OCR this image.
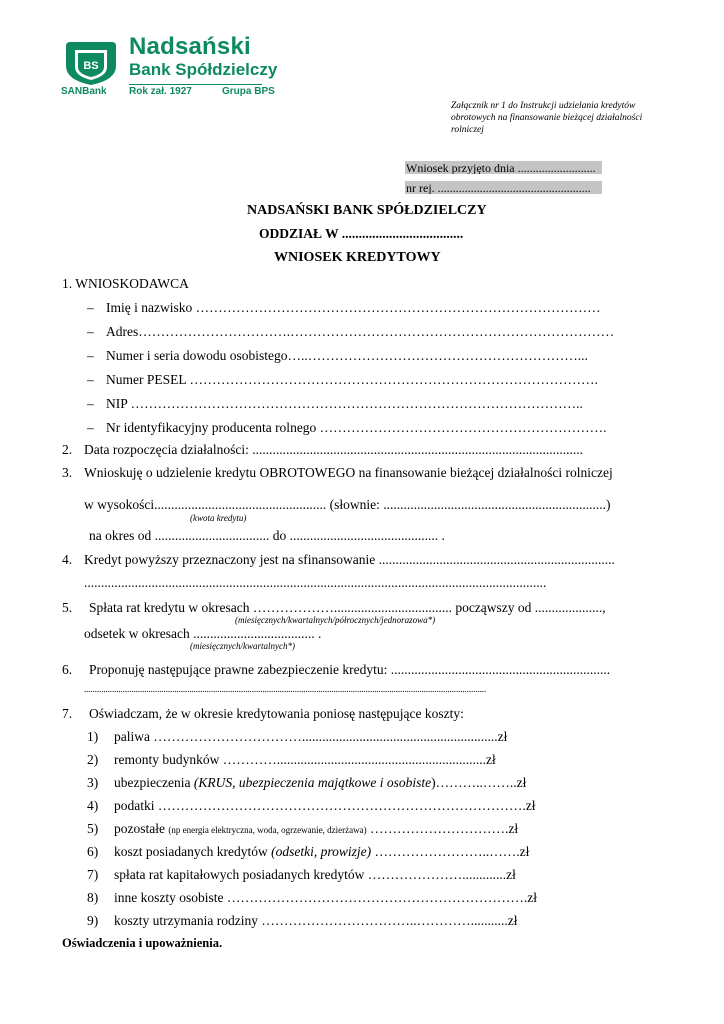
BS
Nadsański
Bank Spółdzielczy
SANBank Rok zał. 1927	Grupa BPS
Załącznik nr 1 do Instrukcji udzielania kredytów obrotowych na finansowanie bieżącej działalności rolniczej
Wniosek przyjęto dnia ..........................
nr rej. ...................................................
NADSAŃSKI BANK SPÓŁDZIELCZY
ODDZIAŁ W ....................................
WNIOSEK KREDYTOWY
1. WNIOSKODAWCA
– Imię i nazwisko ………………………………………………………………………………
– Adres…………………………….………………………………………………………………
– Numer i seria dowodu osobistego…..……………………………………………………...
– Numer PESEL ……………………………………………………………………………….
– NIP ………………………………………………………………………………………..
– Nr identyfikacyjny producenta rolnego ……………………………………………………….
2. Data rozpoczęcia działalności: ..................................................................................................
3. Wnioskuję o udzielenie kredytu OBROTOWEGO na finansowanie bieżącej działalności rolniczej
w wysokości................................................... (słownie: ..................................................................)
(kwota kredytu)
na okres od .................................. do ............................................ .
4. Kredyt powyższy przeznaczony jest na sfinansowanie ......................................................................
.........................................................................................................................................
5. Spłata rat kredytu w okresach ………………................................... począwszy od ....................,
(miesięcznych/kwartalnych/półrocznych/jednorazowa*)
odsetek w okresach .................................... .
(miesięcznych/kwartalnych*)
6. Proponuję następujące prawne zabezpieczenie kredytu: .................................................................
...........................................................................................................................................................................................
7. Oświadczam, że w okresie kredytowania poniosę następujące koszty:
1) paliwa ……………………………..........................................................zł
2) remonty budynków …………..............................................................zł
3) ubezpieczenia (KRUS, ubezpieczenia majątkowe i osobiste)………..……..zł
4) podatki ……………………………………………………………………….zł
5) pozostałe (np energia elektryczna, woda, ogrzewanie, dzierżawa) ………………………….zł
6) koszt posiadanych kredytów (odsetki, prowizje) ……………………..…….zł
7) spłata rat kapitałowych posiadanych kredytów ………………….............zł
8) inne koszty osobiste ………………………………………………………….zł
9) koszty utrzymania rodziny ……………………………..…………...........zł
Oświadczenia i upoważnienia.
